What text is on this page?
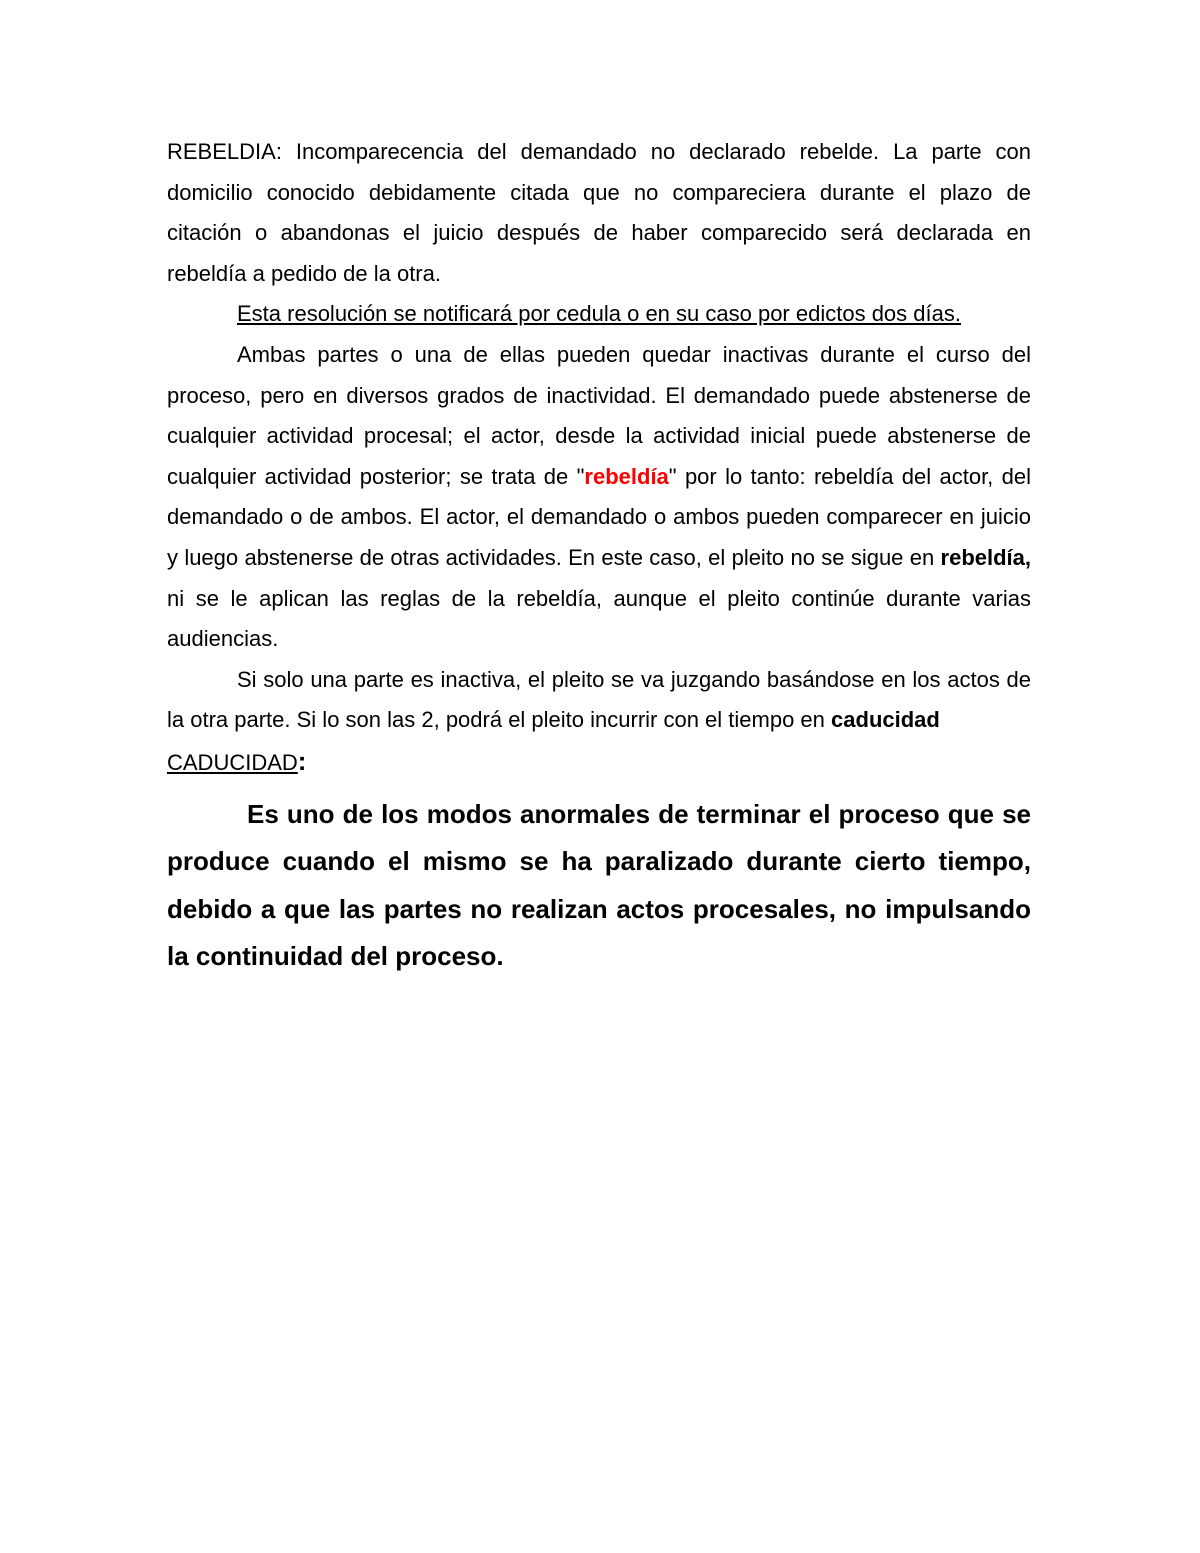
REBELDIA: Incomparecencia del demandado no declarado rebelde. La parte con domicilio conocido debidamente citada que no compareciera durante el plazo de citación o abandonas el juicio después de haber comparecido será declarada en rebeldía a pedido de la otra.

Esta resolución se notificará por cedula o en su caso por edictos dos días.

Ambas partes o una de ellas pueden quedar inactivas durante el curso del proceso, pero en diversos grados de inactividad. El demandado puede abstenerse de cualquier actividad procesal; el actor, desde la actividad inicial puede abstenerse de cualquier actividad posterior; se trata de "rebeldía" por lo tanto: rebeldía del actor, del demandado o de ambos. El actor, el demandado o ambos pueden comparecer en juicio y luego abstenerse de otras actividades. En este caso, el pleito no se sigue en rebeldía, ni se le aplican las reglas de la rebeldía, aunque el pleito continúe durante varias audiencias.

Si solo una parte es inactiva, el pleito se va juzgando basándose en los actos de la otra parte. Si lo son las 2, podrá el pleito incurrir con el tiempo en caducidad

CADUCIDAD:

Es uno de los modos anormales de terminar el proceso que se produce cuando el mismo se ha paralizado durante cierto tiempo, debido a que las partes no realizan actos procesales, no impulsando la continuidad del proceso.
